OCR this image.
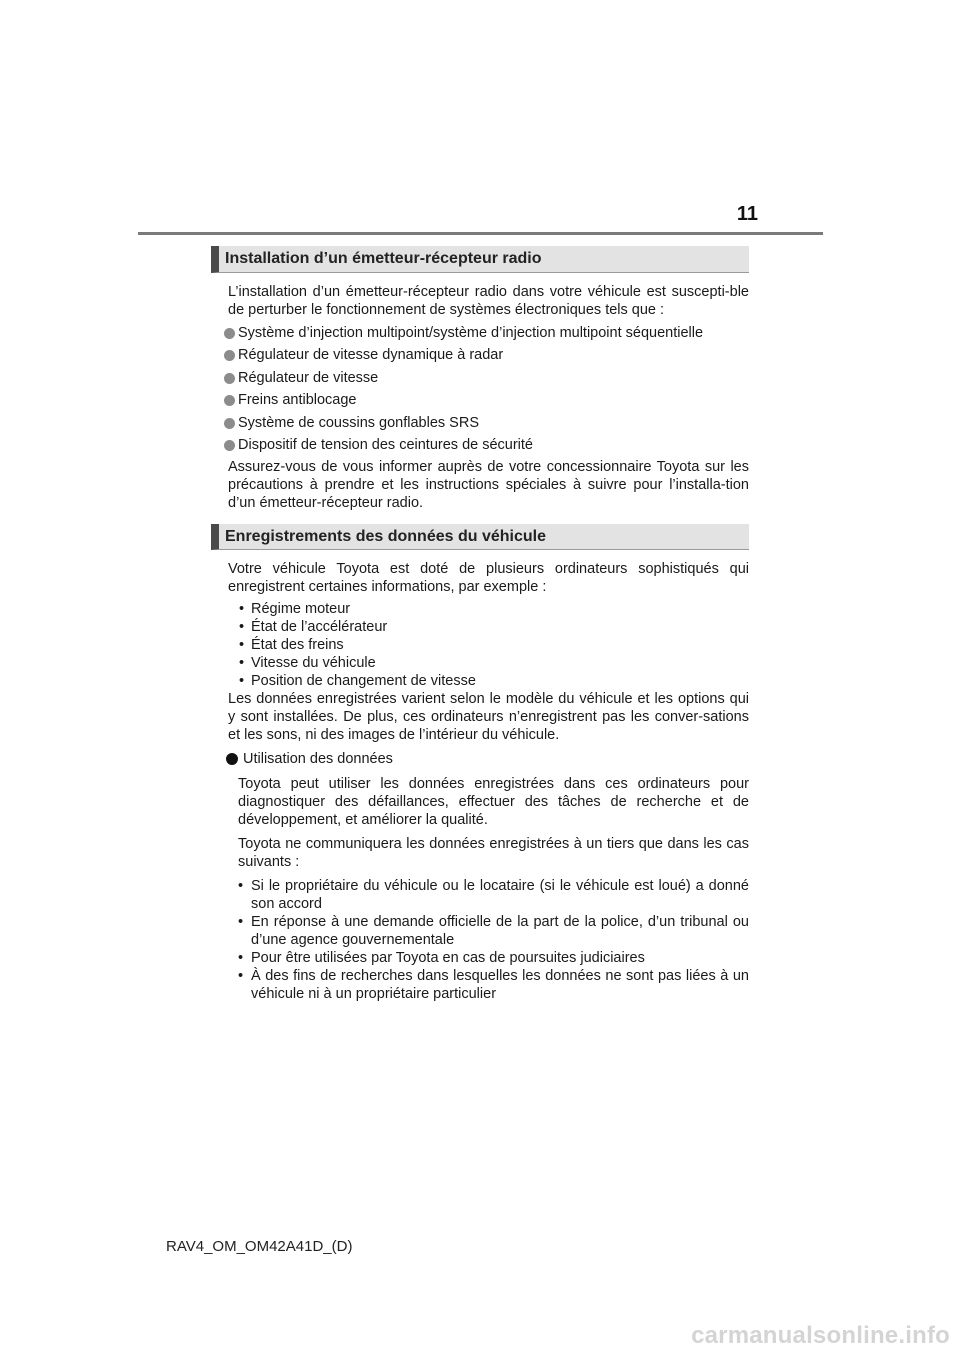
11
Installation d’un émetteur-récepteur radio

L’installation d’un émetteur-récepteur radio dans votre véhicule est suscepti-ble de perturber le fonctionnement de systèmes électroniques tels que :

Système d’injection multipoint/système d’injection multipoint séquentielle
Régulateur de vitesse dynamique à radar
Régulateur de vitesse
Freins antiblocage
Système de coussins gonflables SRS
Dispositif de tension des ceintures de sécurité

Assurez-vous de vous informer auprès de votre concessionnaire Toyota sur les précautions à prendre et les instructions spéciales à suivre pour l’installa-tion d’un émetteur-récepteur radio.

Enregistrements des données du véhicule

Votre véhicule Toyota est doté de plusieurs ordinateurs sophistiqués qui enregistrent certaines informations, par exemple :

• Régime moteur
• État de l’accélérateur
• État des freins
• Vitesse du véhicule
• Position de changement de vitesse

Les données enregistrées varient selon le modèle du véhicule et les options qui y sont installées. De plus, ces ordinateurs n’enregistrent pas les conver-sations et les sons, ni des images de l’intérieur du véhicule.

Utilisation des données

Toyota peut utiliser les données enregistrées dans ces ordinateurs pour diagnostiquer des défaillances, effectuer des tâches de recherche et de développement, et améliorer la qualité.

Toyota ne communiquera les données enregistrées à un tiers que dans les cas suivants :

• Si le propriétaire du véhicule ou le locataire (si le véhicule est loué) a donné son accord
• En réponse à une demande officielle de la part de la police, d’un tribunal ou d’une agence gouvernementale
• Pour être utilisées par Toyota en cas de poursuites judiciaires
• À des fins de recherches dans lesquelles les données ne sont pas liées à un véhicule ni à un propriétaire particulier
RAV4_OM_OM42A41D_(D)
carmanualsonline.info
